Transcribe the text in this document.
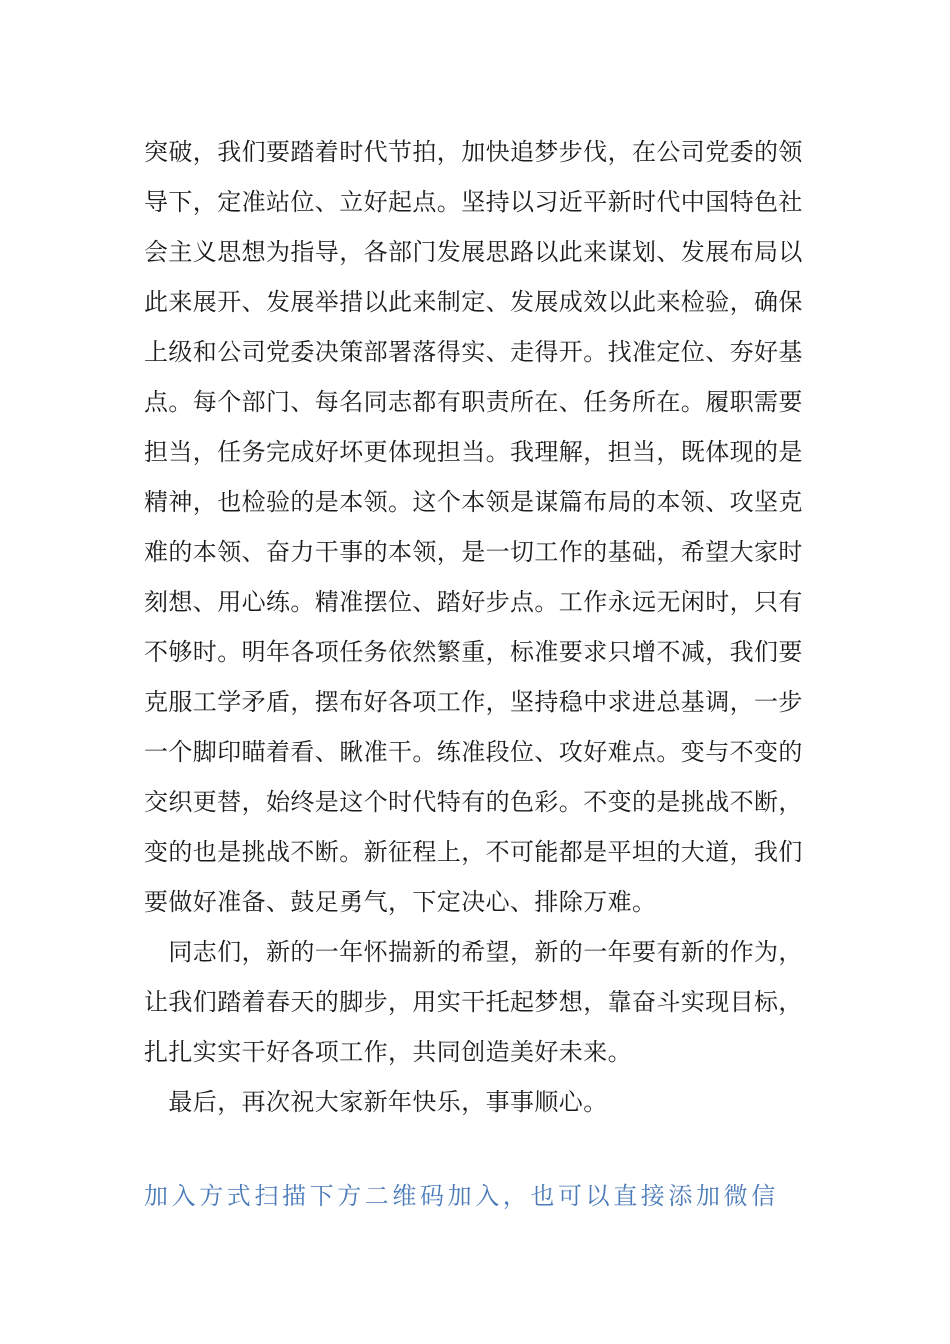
突破，我们要踏着时代节拍，加快追梦步伐，在公司党委的领
导下，定准站位、立好起点。坚持以习近平新时代中国特色社
会主义思想为指导，各部门发展思路以此来谋划、发展布局以
此来展开、发展举措以此来制定、发展成效以此来检验，确保
上级和公司党委决策部署落得实、走得开。找准定位、夯好基
点。每个部门、每名同志都有职责所在、任务所在。履职需要
担当，任务完成好坏更体现担当。我理解，担当，既体现的是
精神，也检验的是本领。这个本领是谋篇布局的本领、攻坚克
难的本领、奋力干事的本领，是一切工作的基础，希望大家时
刻想、用心练。精准摆位、踏好步点。工作永远无闲时，只有
不够时。明年各项任务依然繁重，标准要求只增不减，我们要
克服工学矛盾，摆布好各项工作，坚持稳中求进总基调，一步
一个脚印瞄着看、瞅准干。练准段位、攻好难点。变与不变的
交织更替，始终是这个时代特有的色彩。不变的是挑战不断，
变的也是挑战不断。新征程上，不可能都是平坦的大道，我们
要做好准备、鼓足勇气，下定决心、排除万难。
　同志们，新的一年怀揣新的希望，新的一年要有新的作为，
让我们踏着春天的脚步，用实干托起梦想，靠奋斗实现目标，
扎扎实实干好各项工作，共同创造美好未来。
　最后，再次祝大家新年快乐，事事顺心。
加入方式扫描下方二维码加入，也可以直接添加微信
